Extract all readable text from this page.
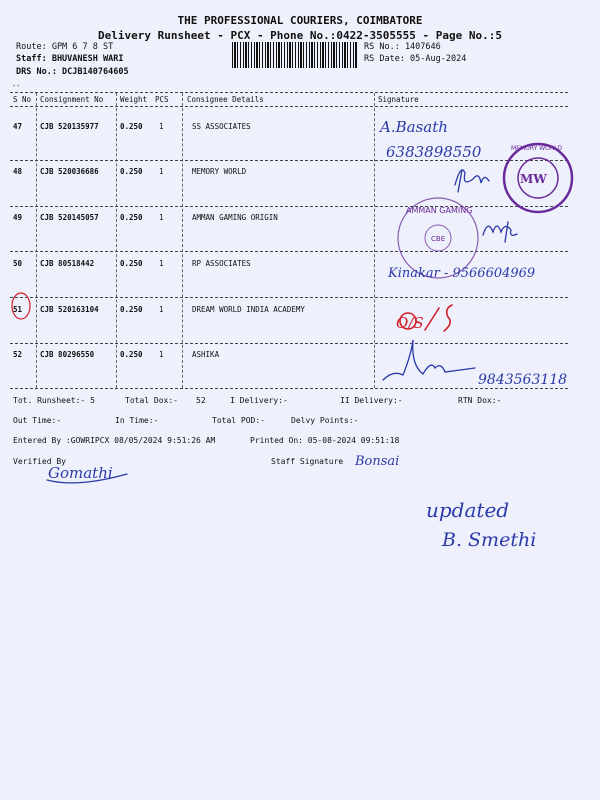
THE PROFESSIONAL COURIERS, COIMBATORE
Delivery Runsheet - PCX - Phone No.:0422-3505555 - Page No.:5
Route: GPM 6 7 8 ST
Staff: BHUVANESH WARI
DRS No.: DCJB140764605
RS No.: 1407646
RS Date: 05-Aug-2024
--
S No Consignment No Weight PCS Consignee Details	Signature
47 CJB 520135977	0.250 1	SS ASSOCIATES
48 CJB 520036686	0.250 1	MEMORY WORLD
49 CJB 520145057	0.250 1	AMMAN GAMING ORIGIN
50 CJB 80518442	0.250 1	RP ASSOCIATES
51 CJB 520163104	0.250 1	DREAM WORLD INDIA ACADEMY
52 CJB 80296550	0.250 1	ASHIKA
Tot. Runsheet:- 5	Total Dox:- 52	I Delivery:-	II Delivery:-	RTN Dox:-
Out Time:-	In Time:-	Total POD:-	Delvy Points:-
Entered By :GOWRIPCX 08/05/2024 9:51:26 AM	Printed On: 05-08-2024 09:51:18
Verified By	Staff Signature
A.Basath
6383898550
Kinakar - 9566604969
9843563118
O/S
Gomathi
Bonsai
updated
B. Smethi
MW
MEMORY WORLD
CBE
AMMAN GAMING
